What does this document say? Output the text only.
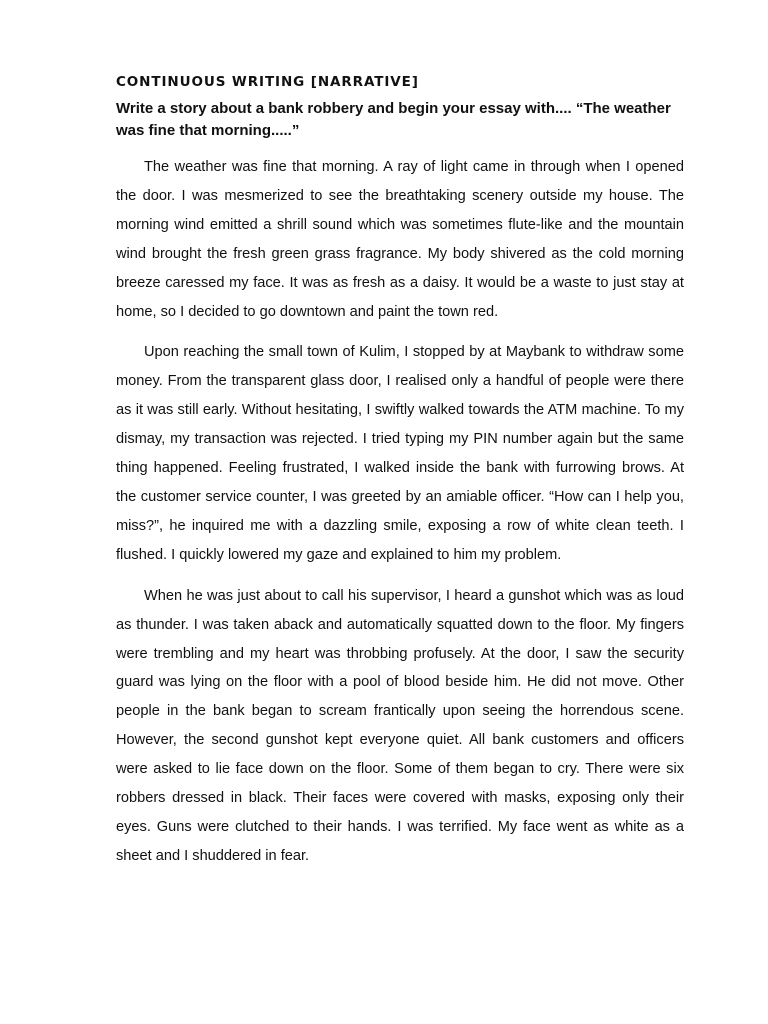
CONTINUOUS WRITING [NARRATIVE]
Write a story about a bank robbery and begin your essay with.... “The weather was fine that morning.....”

The weather was fine that morning. A ray of light came in through when I opened the door. I was mesmerized to see the breathtaking scenery outside my house. The morning wind emitted a shrill sound which was sometimes flute-like and the mountain wind brought the fresh green grass fragrance. My body shivered as the cold morning breeze caressed my face. It was as fresh as a daisy. It would be a waste to just stay at home, so I decided to go downtown and paint the town red.

Upon reaching the small town of Kulim, I stopped by at Maybank to withdraw some money. From the transparent glass door, I realised only a handful of people were there as it was still early. Without hesitating, I swiftly walked towards the ATM machine. To my dismay, my transaction was rejected. I tried typing my PIN number again but the same thing happened. Feeling frustrated, I walked inside the bank with furrowing brows. At the customer service counter, I was greeted by an amiable officer. “How can I help you, miss?”, he inquired me with a dazzling smile, exposing a row of white clean teeth. I flushed. I quickly lowered my gaze and explained to him my problem.

When he was just about to call his supervisor, I heard a gunshot which was as loud as thunder. I was taken aback and automatically squatted down to the floor. My fingers were trembling and my heart was throbbing profusely. At the door, I saw the security guard was lying on the floor with a pool of blood beside him. He did not move. Other people in the bank began to scream frantically upon seeing the horrendous scene. However, the second gunshot kept everyone quiet. All bank customers and officers were asked to lie face down on the floor. Some of them began to cry. There were six robbers dressed in black. Their faces were covered with masks, exposing only their eyes. Guns were clutched to their hands. I was terrified. My face went as white as a sheet and I shuddered in fear.
